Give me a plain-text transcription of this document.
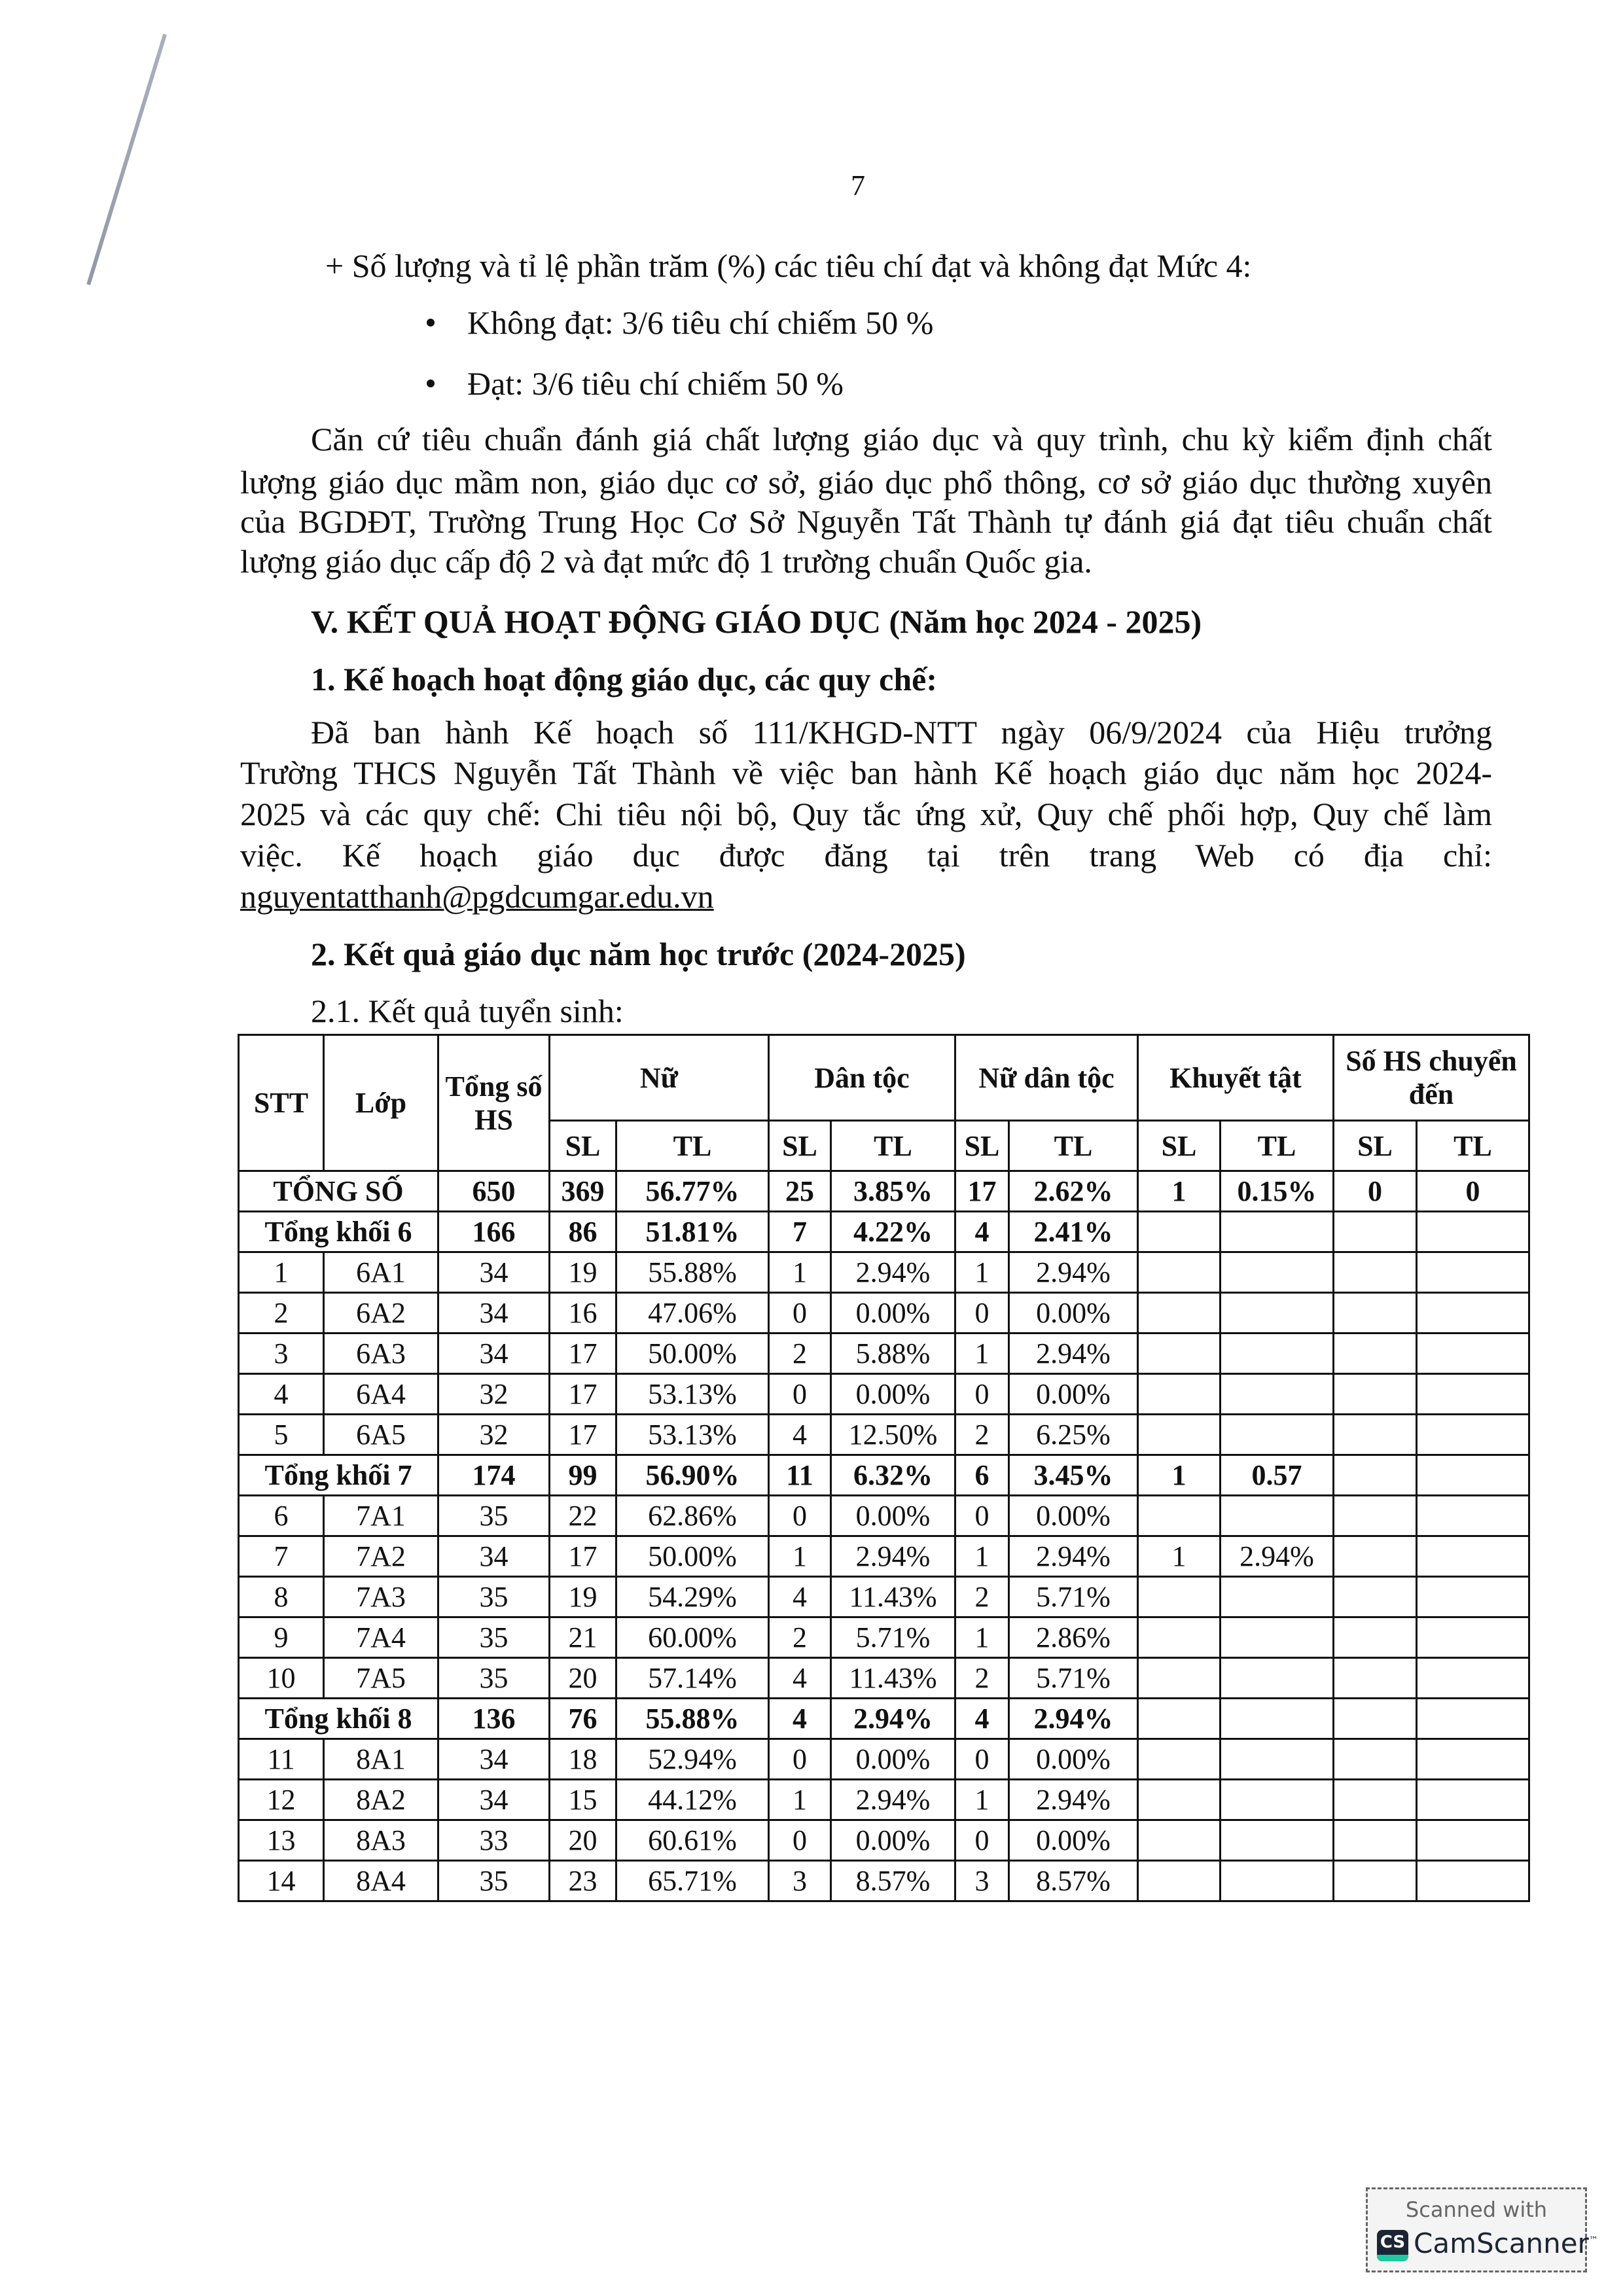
7
+ Số lượng và tỉ lệ phần trăm (%) các tiêu chí đạt và không đạt Mức 4:
Không đạt: 3/6 tiêu chí chiếm 50 %
Đạt: 3/6 tiêu chí chiếm 50 %
Căn cứ tiêu chuẩn đánh giá chất lượng giáo dục và quy trình, chu kỳ kiểm định chất
lượng giáo dục mầm non, giáo dục cơ sở, giáo dục phổ thông, cơ sở giáo dục thường xuyên
của BGDĐT, Trường Trung Học Cơ Sở Nguyễn Tất Thành tự đánh giá đạt tiêu chuẩn chất
lượng giáo dục cấp độ 2 và đạt mức độ 1 trường chuẩn Quốc gia.
V. KẾT QUẢ HOẠT ĐỘNG GIÁO DỤC (Năm học 2024 - 2025)
1. Kế hoạch hoạt động giáo dục, các quy chế:
Đã ban hành Kế hoạch số 111/KHGD-NTT ngày 06/9/2024 của Hiệu trưởng
Trường THCS Nguyễn Tất Thành về việc ban hành Kế hoạch giáo dục năm học 2024-
2025 và các quy chế: Chi tiêu nội bộ, Quy tắc ứng xử, Quy chế phối hợp, Quy chế làm
việc. Kế hoạch giáo dục được đăng tại trên trang Web có địa chỉ:
nguyentatthanh@pgdcumgar.edu.vn
2. Kết quả giáo dục năm học trước (2024-2025)
2.1. Kết quả tuyển sinh:
STT	Lớp	Tổng số HS	Nữ		Dân tộc		Nữ dân tộc		Khuyết tật		Số HS chuyển đến	
			SL	TL	SL	TL	SL	TL	SL	TL	SL	TL
TỔNG SỐ		650	369	56.77%	25	3.85%	17	2.62%	1	0.15%	0	0
Tổng khối 6		166	86	51.81%	7	4.22%	4	2.41%				
1	6A1	34	19	55.88%	1	2.94%	1	2.94%				
2	6A2	34	16	47.06%	0	0.00%	0	0.00%				
3	6A3	34	17	50.00%	2	5.88%	1	2.94%				
4	6A4	32	17	53.13%	0	0.00%	0	0.00%				
5	6A5	32	17	53.13%	4	12.50%	2	6.25%				
Tổng khối 7		174	99	56.90%	11	6.32%	6	3.45%	1	0.57		
6	7A1	35	22	62.86%	0	0.00%	0	0.00%				
7	7A2	34	17	50.00%	1	2.94%	1	2.94%	1	2.94%		
8	7A3	35	19	54.29%	4	11.43%	2	5.71%				
9	7A4	35	21	60.00%	2	5.71%	1	2.86%				
10	7A5	35	20	57.14%	4	11.43%	2	5.71%				
Tổng khối 8		136	76	55.88%	4	2.94%	4	2.94%				
11	8A1	34	18	52.94%	0	0.00%	0	0.00%				
12	8A2	34	15	44.12%	1	2.94%	1	2.94%				
13	8A3	33	20	60.61%	0	0.00%	0	0.00%				
14	8A4	35	23	65.71%	3	8.57%	3	8.57%				
Scanned with
CS CamScanner™
